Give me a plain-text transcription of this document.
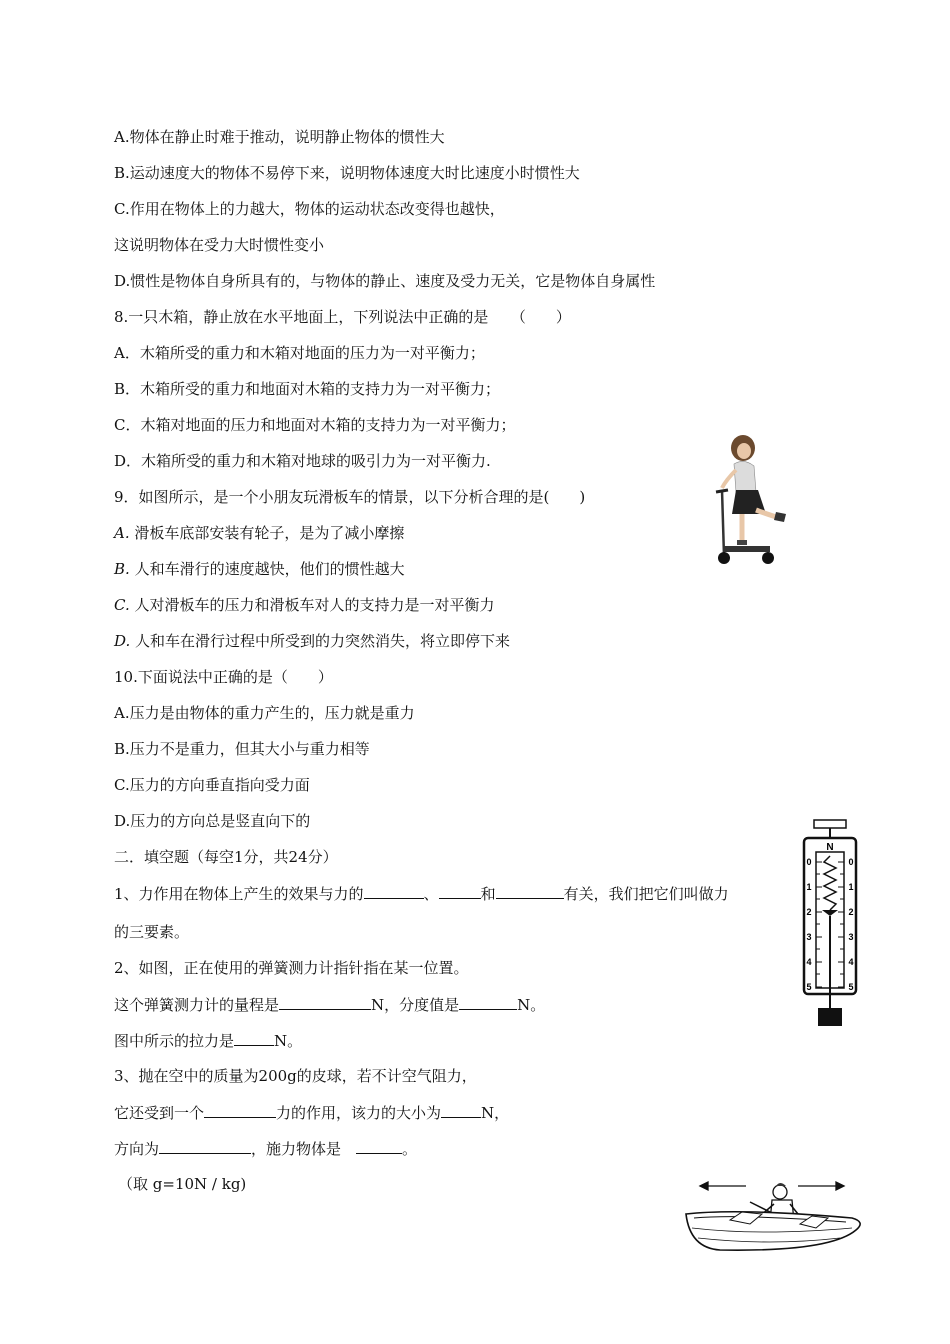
A.物体在静止时难于推动，说明静止物体的惯性大
B.运动速度大的物体不易停下来，说明物体速度大时比速度小时惯性大
C.作用在物体上的力越大，物体的运动状态改变得也越快，
这说明物体在受力大时惯性变小
D.惯性是物体自身所具有的，与物体的静止、速度及受力无关，它是物体自身属性
8.一只木箱，静止放在水平地面上，下列说法中正确的是　　（　　）
A．木箱所受的重力和木箱对地面的压力为一对平衡力；
B．木箱所受的重力和地面对木箱的支持力为一对平衡力；
C．木箱对地面的压力和地面对木箱的支持力为一对平衡力；
D．木箱所受的重力和木箱对地球的吸引力为一对平衡力.
9．如图所示，是一个小朋友玩滑板车的情景，以下分析合理的是(　　)
A. 滑板车底部安装有轮子，是为了减小摩擦
B. 人和车滑行的速度越快，他们的惯性越大
C. 人对滑板车的压力和滑板车对人的支持力是一对平衡力
D. 人和车在滑行过程中所受到的力突然消失，将立即停下来
10.下面说法中正确的是（　　）
A.压力是由物体的重力产生的，压力就是重力
B.压力不是重力，但其大小与重力相等
C.压力的方向垂直指向受力面
D.压力的方向总是竖直向下的
二．填空题（每空1分，共24分）
1、力作用在物体上产生的效果与力的	、	和	有关，我们把它们叫做力
的三要素。
2、如图，正在使用的弹簧测力计指针指在某一位置。
这个弹簧测力计的量程是	N，分度值是	N。
图中所示的拉力是	N。
3、抛在空中的质量为200g的皮球，若不计空气阻力，
它还受到一个	力的作用，该力的大小为	N，
方向为	，施力物体是　	。
（取 g=10N / kg)
N
0
1
2
3
4
5
0
1
2
3
4
5
